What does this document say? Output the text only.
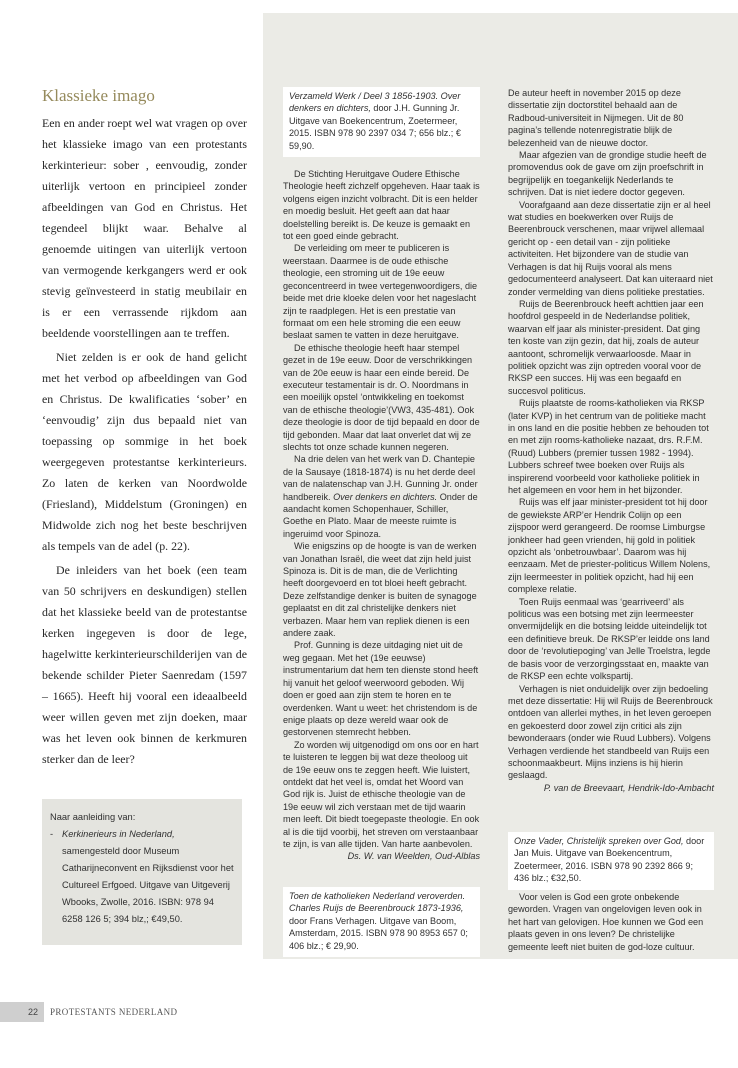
Klassieke imago

Een en ander roept wel wat vragen op over het klassieke imago van een protestants kerkinterieur: sober , eenvoudig, zonder uiterlijk vertoon en principieel zonder afbeeldingen van God en Christus. Het tegendeel blijkt waar. Behalve al genoemde uitingen van uiterlijk vertoon van vermogende kerkgangers werd er ook stevig geïnvesteerd in statig meubilair en is er een verrassende rijkdom aan beeldende voorstellingen aan te treffen.

Niet zelden is er ook de hand gelicht met het verbod op afbeeldingen van God en Christus. De kwalificaties ‘sober’ en ‘eenvoudig’ zijn dus bepaald niet van toepassing op sommige in het boek weergegeven protestantse kerkinterieurs. Zo laten de kerken van Noordwolde (Friesland), Middelstum (Groningen) en Midwolde zich nog het beste beschrijven als tempels van de adel (p. 22).

De inleiders van het boek (een team van 50 schrijvers en deskundigen) stellen dat het klassieke beeld van de protestantse kerken ingegeven is door de lege, hagelwitte kerkinterieurschilderijen van de bekende schilder Pieter Saenredam (1597 – 1665). Heeft hij vooral een ideaalbeeld weer willen geven met zijn doeken, maar was het leven ook binnen de kerkmuren sterker dan de leer?

Naar aanleiding van:
- Kerkinerieurs in Nederland, samengesteld door Museum Catharijneconvent en Rijksdienst voor het Cultureel Erfgoed. Uitgave van Uitgeverij Wbooks, Zwolle, 2016. ISBN: 978 94 6258 126 5; 394 blz,; €49,50.
Verzameld Werk / Deel 3 1856-1903. Over denkers en dichters, door J.H. Gunning Jr. Uitgave van Boekencentrum, Zoetermeer, 2015. ISBN 978 90 2397 034 7; 656 blz.; € 59,90.

De Stichting Heruitgave Oudere Ethische Theologie heeft zichzelf opgeheven. Haar taak is volgens eigen inzicht volbracht. Dit is een helder en moedig besluit. Het geeft aan dat haar doelstelling bereikt is. De keuze is gemaakt en tot een goed einde gebracht.

De verleiding om meer te publiceren is weerstaan. Daarmee is de oude ethische theologie, een stroming uit de 19e eeuw geconcentreerd in twee vertegenwoordigers, die beide met drie kloeke delen voor het nageslacht zijn te raadplegen. Het is een prestatie van formaat om een hele stroming die een eeuw beslaat samen te vatten in deze heruitgave.

De ethische theologie heeft haar stempel gezet in de 19e eeuw. Door de verschrikkingen van de 20e eeuw is haar een einde bereid. De executeur testamentair is dr. O. Noordmans in een moeilijk opstel ‘ontwikkeling en toekomst van de ethische theologie’(VW3, 435-481). Ook deze theologie is door de tijd bepaald en door de tijd gebonden. Maar dat laat onverlet dat wij ze slechts tot onze schade kunnen negeren.

Na drie delen van het werk van D. Chantepie de la Sausaye (1818-1874) is nu het derde deel van de nalatenschap van J.H. Gunning Jr. onder handbereik. Over denkers en dichters. Onder de aandacht komen Schopenhauer, Schiller, Goethe en Plato. Maar de meeste ruimte is ingeruimd voor Spinoza.

Wie enigszins op de hoogte is van de werken van Jonathan Israël, die weet dat zijn held juist Spinoza is. Dit is de man, die de Verlichting heeft doorgevoerd en tot bloei heeft gebracht. Deze zelfstandige denker is buiten de synagoge geplaatst en dit zal christelijke denkers niet verbazen. Maar hem van repliek dienen is een andere zaak.

Prof. Gunning is deze uitdaging niet uit de weg gegaan. Met het (19e eeuwse) instrumentarium dat hem ten dienste stond heeft hij vanuit het geloof weerwoord geboden. Wij doen er goed aan zijn stem te horen en te overdenken. Want u weet: het christendom is de enige plaats op deze wereld waar ook de gestorvenen stemrecht hebben.

Zo worden wij uitgenodigd om ons oor en hart te luisteren te leggen bij wat deze theoloog uit de 19e eeuw ons te zeggen heeft. Wie luistert, ontdekt dat het veel is, omdat het Woord van God rijk is. Juist de ethische theologie van de 19e eeuw wil zich verstaan met de tijd waarin men leeft. Dit biedt toegepaste theologie. En ook al is die tijd voorbij, het streven om verstaanbaar te zijn, is van alle tijden. Van harte aanbevolen.

Ds. W. van Weelden, Oud-Alblas
Toen de katholieken Nederland veroverden. Charles Ruijs de Beerenbrouck 1873-1936, door Frans Verhagen. Uitgave van Boom, Amsterdam, 2015. ISBN 978 90 8953 657 0; 406 blz.; € 29,90.

De auteur heeft in november 2015 op deze dissertatie zijn doctorstitel behaald aan de Radboud-universiteit in Nijmegen. Uit de 80 pagina’s tellende notenregistratie blijk de belezenheid van de nieuwe doctor.

Maar afgezien van de grondige studie heeft de promovendus ook de gave om zijn proefschrift in begrijpelijk en toegankelijk Nederlands te schrijven. Dat is niet iedere doctor gegeven.

Voorafgaand aan deze dissertatie zijn er al heel wat studies en boekwerken over Ruijs de Beerenbrouck verschenen, maar vrijwel allemaal gericht op - een detail van - zijn politieke activiteiten. Het bijzondere van de studie van Verhagen is dat hij Ruijs vooral als mens gedocumenteerd analyseert. Dat kan uiteraard niet zonder vermelding van diens politieke prestaties.

Ruijs de Beerenbrouck heeft achttien jaar een hoofdrol gespeeld in de Nederlandse politiek, waarvan elf jaar als minister-president. Dat ging ten koste van zijn gezin, dat hij, zoals de auteur aantoont, schromelijk verwaarloosde. Maar in politiek opzicht was zijn optreden vooral voor de RKSP een succes. Hij was een begaafd en succesvol politicus.

Ruijs plaatste de rooms-katholieken via RKSP (later KVP) in het centrum van de politieke macht in ons land en die positie hebben ze behouden tot en met zijn rooms-katholieke nazaat, drs. R.F.M. (Ruud) Lubbers (premier tussen 1982 - 1994). Lubbers schreef twee boeken over Ruijs als inspirerend voorbeeld voor katholieke politiek in het algemeen en voor hem in het bijzonder.

Ruijs was elf jaar minister-president tot hij door de gewiekste ARP’er Hendrik Colijn op een zijspoor werd gerangeerd. De roomse Limburgse jonkheer had geen vrienden, hij gold in politiek opzicht als ‘onbetrouwbaar’. Daarom was hij eenzaam. Met de priester-politicus Willem Nolens, zijn leermeester in politiek opzicht, had hij een complexe relatie.

Toen Ruijs eenmaal was ‘gearriveerd’ als politicus was een botsing met zijn leermeester onvermijdelijk en die botsing leidde uiteindelijk tot een definitieve breuk. De RKSP’er leidde ons land door de ‘revolutiepoging’ van Jelle Troelstra, legde de basis voor de verzorgingsstaat en, maakte van de RKSP een echte volkspartij.

Verhagen is niet onduidelijk over zijn bedoeling met deze dissertatie: Hij wil Ruijs de Beerenbrouck ontdoen van allerlei mythes, in het leven geroepen en gekoesterd door zowel zijn critici als zijn bewonderaars (onder wie Ruud Lubbers). Volgens Verhagen verdiende het standbeeld van Ruijs een schoonmaakbeurt. Mijns inziens is hij hierin geslaagd.

P. van de Breevaart, Hendrik-Ido-Ambacht
Onze Vader, Christelijk spreken over God, door Jan Muis. Uitgave van Boekencentrum, Zoetermeer, 2016. ISBN 978 90 2392 866 9; 436 blz.; €32,50.

Voor velen is God een grote onbekende geworden. Vragen van ongelovigen leven ook in het hart van gelovigen. Hoe kunnen we God een plaats geven in ons leven? De christelijke gemeente leeft niet buiten de god-loze cultuur.

22	PROTESTANTS NEDERLAND
